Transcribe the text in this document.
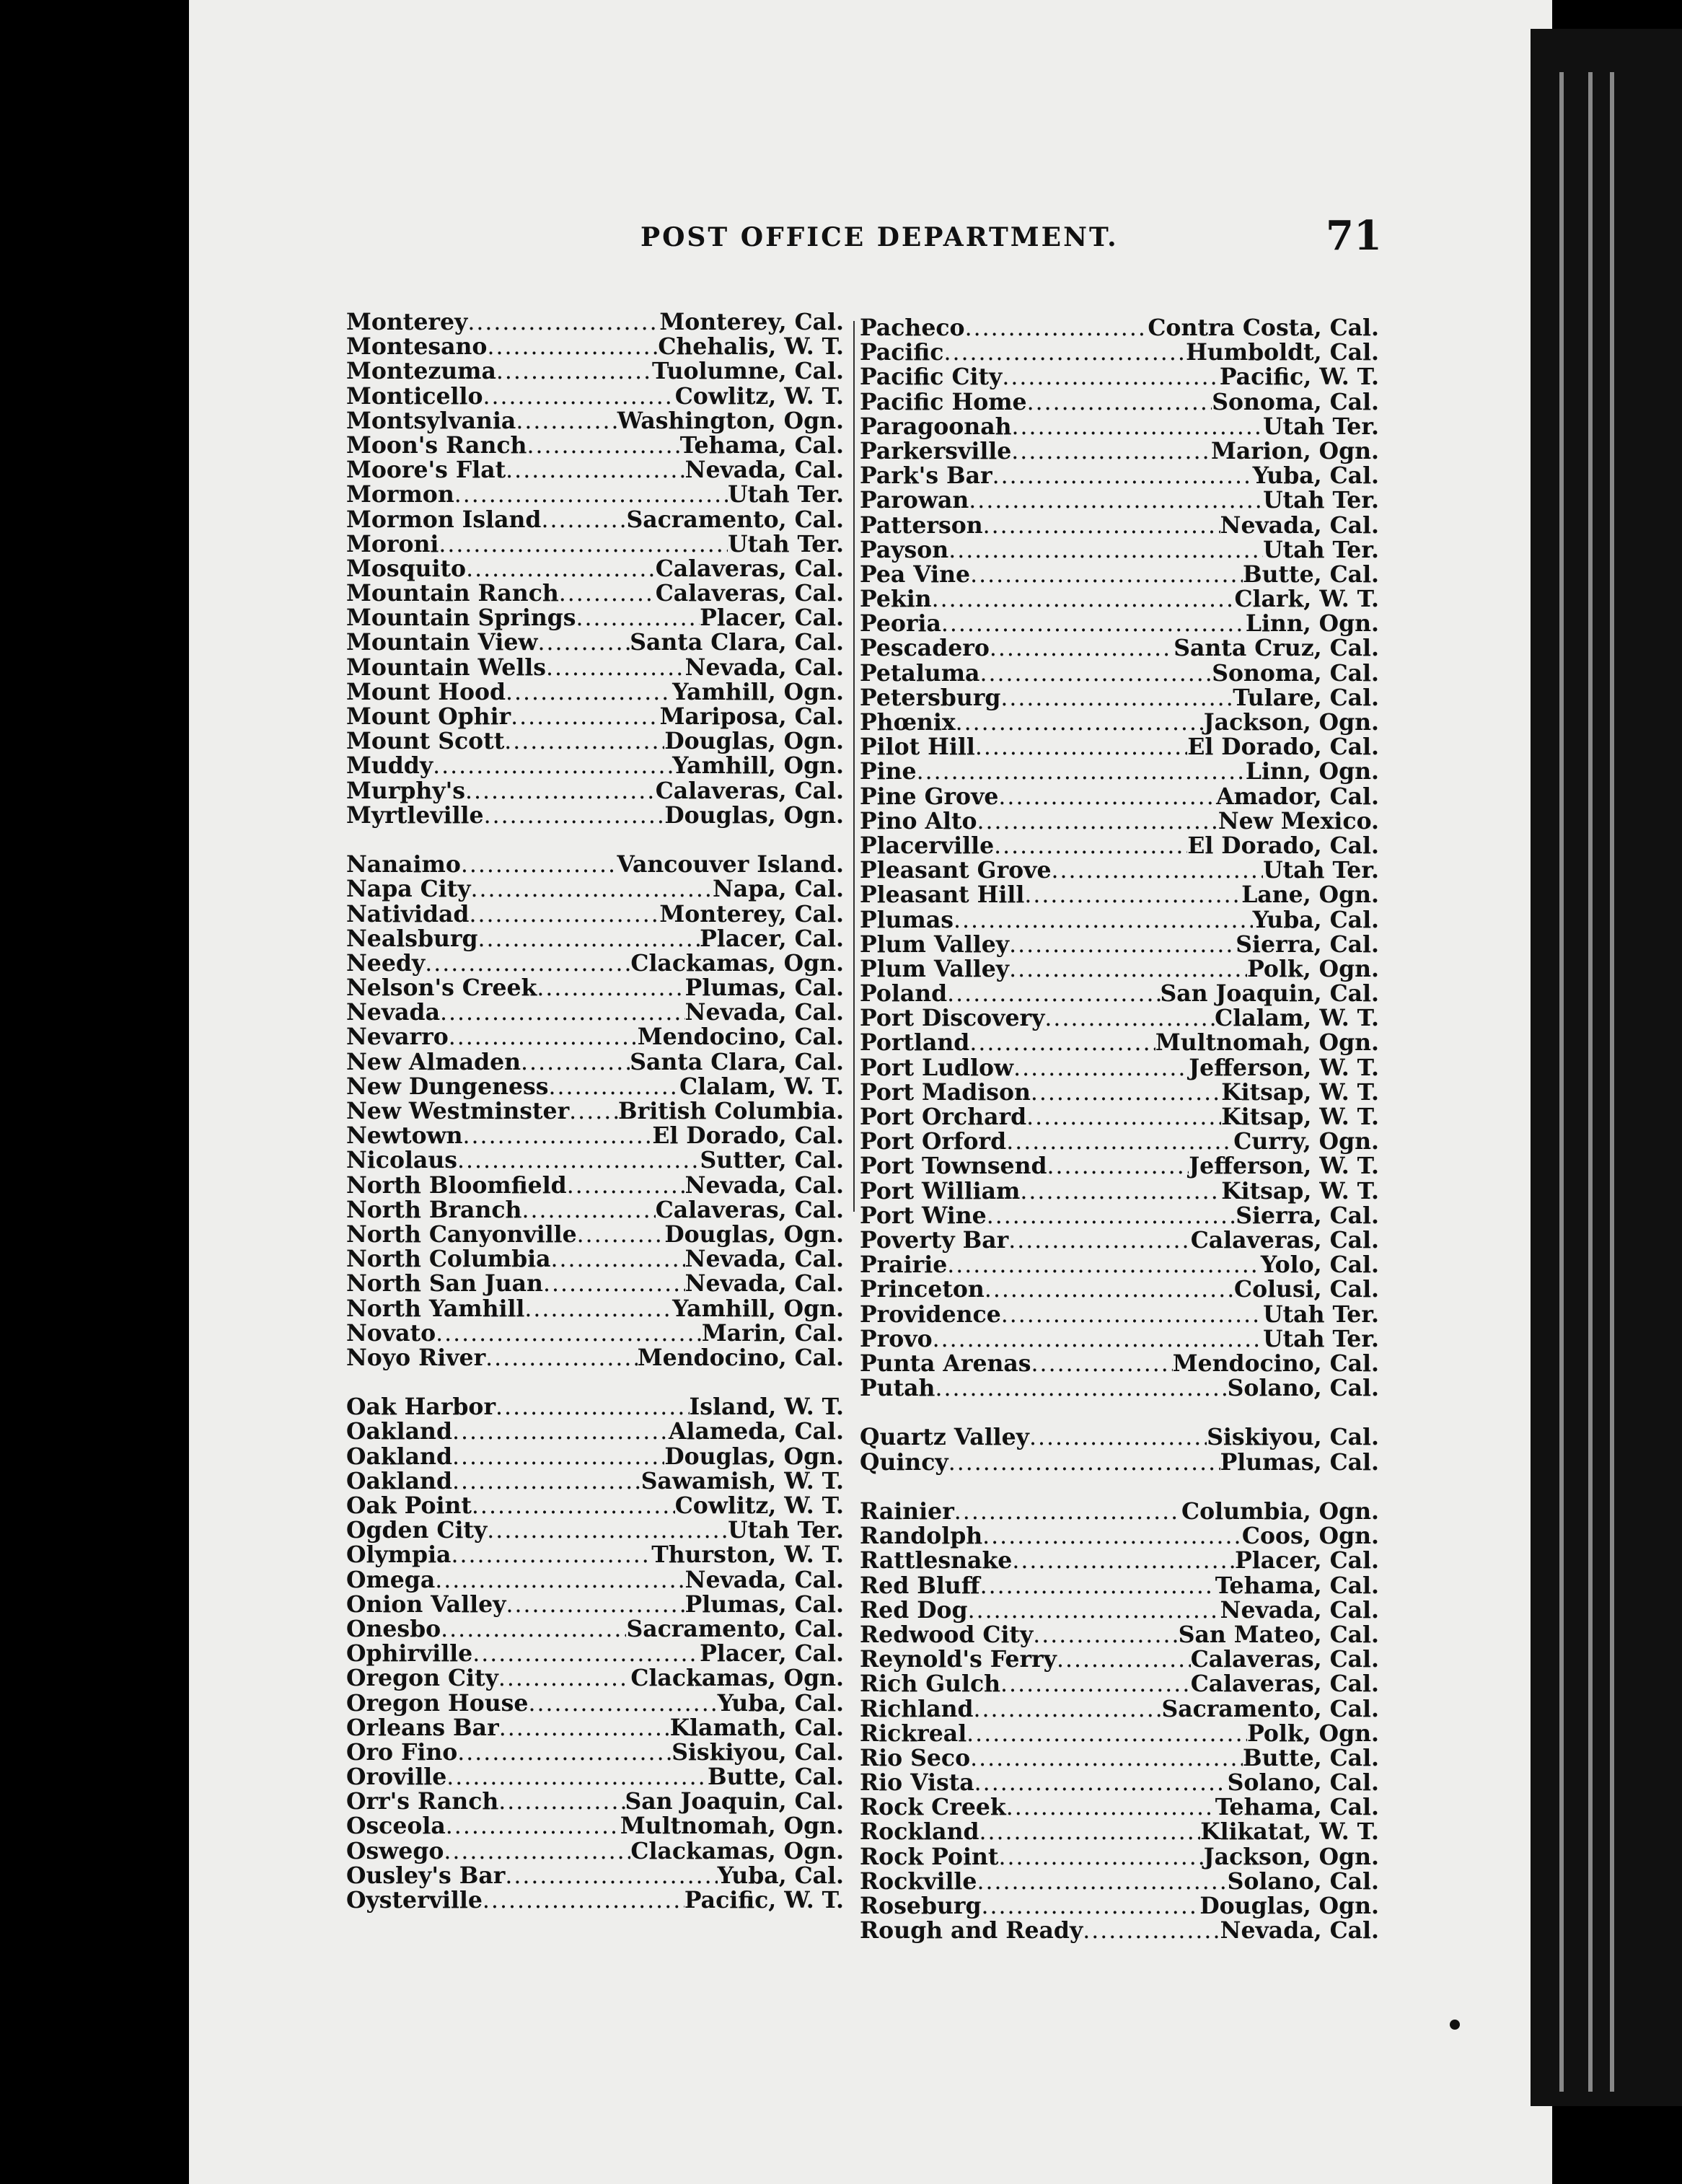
POST OFFICE DEPARTMENT.	71
Monterey .....	Monterey, Cal.
Montesano .....	Chehalis, W. T.
Montezuma .....	Tuolumne, Cal.
Monticello .....	Cowlitz, W. T.
Montsylvania .....	Washington, Ogn.
Moon's Ranch .....	Tehama, Cal.
Moore's Flat .....	Nevada, Cal.
Mormon .....	Utah Ter.
Mormon Island .....	Sacramento, Cal.
Moroni .....	Utah Ter.
Mosquito .....	Calaveras, Cal.
Mountain Ranch .....	Calaveras, Cal.
Mountain Springs .....	Placer, Cal.
Mountain View .....	Santa Clara, Cal.
Mountain Wells .....	Nevada, Cal.
Mount Hood .....	Yamhill, Ogn.
Mount Ophir .....	Mariposa, Cal.
Mount Scott .....	Douglas, Ogn.
Muddy .....	Yamhill, Ogn.
Murphy's .....	Calaveras, Cal.
Myrtleville .....	Douglas, Ogn.
Nanaimo .....	Vancouver Island.
Napa City .....	Napa, Cal.
Natividad .....	Monterey, Cal.
Nealsburg .....	Placer, Cal.
Needy .....	Clackamas, Ogn.
Nelson's Creek .....	Plumas, Cal.
Nevada .....	Nevada, Cal.
Nevarro .....	Mendocino, Cal.
New Almaden .....	Santa Clara, Cal.
New Dungeness .....	Clalam, W. T.
New Westminster ..... British Columbia.
Newtown .....	El Dorado, Cal.
Nicolaus .....	Sutter, Cal.
North Bloomfield .....	Nevada, Cal.
North Branch .....	Calaveras, Cal.
North Canyonville .....	Douglas, Ogn.
North Columbia .....	Nevada, Cal.
North San Juan .....	Nevada, Cal.
North Yamhill .....	Yamhill, Ogn.
Novato .....	Marin, Cal.
Noyo River .....	Mendocino, Cal.
Oak Harbor .....	Island, W. T.
Oakland .....	Alameda, Cal.
Oakland .....	Douglas, Ogn.
Oakland .....	Sawamish, W. T.
Oak Point .....	Cowlitz, W. T.
Ogden City .....	Utah Ter.
Olympia .....	Thurston, W. T.
Omega .....	Nevada, Cal.
Onion Valley .....	Plumas, Cal.
Onesbo .....	Sacramento, Cal.
Ophirville .....	Placer, Cal.
Oregon City .....	Clackamas, Ogn.
Oregon House .....	Yuba, Cal.
Orleans Bar .....	Klamath, Cal.
Oro Fino .....	Siskiyou, Cal.
Oroville .....	Butte, Cal.
Orr's Ranch .....	San Joaquin, Cal.
Osceola .....	Multnomah, Ogn.
Oswego .....	Clackamas, Ogn.
Ousley's Bar .....	Yuba, Cal.
Oysterville .....	Pacific, W. T.
Pacheco .....	Contra Costa, Cal.
Pacific .....	Humboldt, Cal.
Pacific City .....	Pacific, W. T.
Pacific Home .....	Sonoma, Cal.
Paragoonah .....	Utah Ter.
Parkersville .....	Marion, Ogn.
Park's Bar .....	Yuba, Cal.
Parowan .....	Utah Ter.
Patterson .....	Nevada, Cal.
Payson .....	Utah Ter.
Pea Vine .....	Butte, Cal.
Pekin .....	Clark, W. T.
Peoria .....	Linn, Ogn.
Pescadero .....	Santa Cruz, Cal.
Petaluma .....	Sonoma, Cal.
Petersburg .....	Tulare, Cal.
Phœnix .....	Jackson, Ogn.
Pilot Hill .....	El Dorado, Cal.
Pine .....	Linn, Ogn.
Pine Grove .....	Amador, Cal.
Pino Alto .....	New Mexico.
Placerville .....	El Dorado, Cal.
Pleasant Grove .....	Utah Ter.
Pleasant Hill .....	Lane, Ogn.
Plumas .....	Yuba, Cal.
Plum Valley .....	Sierra, Cal.
Plum Valley .....	Polk, Ogn.
Poland .....	San Joaquin, Cal.
Port Discovery .....	Clalam, W. T.
Portland .....	Multnomah, Ogn.
Port Ludlow .....	Jefferson, W. T.
Port Madison .....	Kitsap, W. T.
Port Orchard .....	Kitsap, W. T.
Port Orford .....	Curry, Ogn.
Port Townsend .....	Jefferson, W. T.
Port William .....	Kitsap, W. T.
Port Wine .....	Sierra, Cal.
Poverty Bar .....	Calaveras, Cal.
Prairie .....	Yolo, Cal.
Princeton .....	Colusi, Cal.
Providence .....	Utah Ter.
Provo .....	Utah Ter.
Punta Arenas .....	Mendocino, Cal.
Putah .....	Solano, Cal.
Quartz Valley .....	Siskiyou, Cal.
Quincy .....	Plumas, Cal.
Rainier .....	Columbia, Ogn.
Randolph .....	Coos, Ogn.
Rattlesnake .....	Placer, Cal.
Red Bluff .....	Tehama, Cal.
Red Dog .....	Nevada, Cal.
Redwood City .....	San Mateo, Cal.
Reynold's Ferry .....	Calaveras, Cal.
Rich Gulch .....	Calaveras, Cal.
Richland .....	Sacramento, Cal.
Rickreal .....	Polk, Ogn.
Rio Seco .....	Butte, Cal.
Rio Vista .....	Solano, Cal.
Rock Creek .....	Tehama, Cal.
Rockland .....	Klikatat, W. T.
Rock Point .....	Jackson, Ogn.
Rockville .....	Solano, Cal.
Roseburg .....	Douglas, Ogn.
Rough and Ready .....	Nevada, Cal.
